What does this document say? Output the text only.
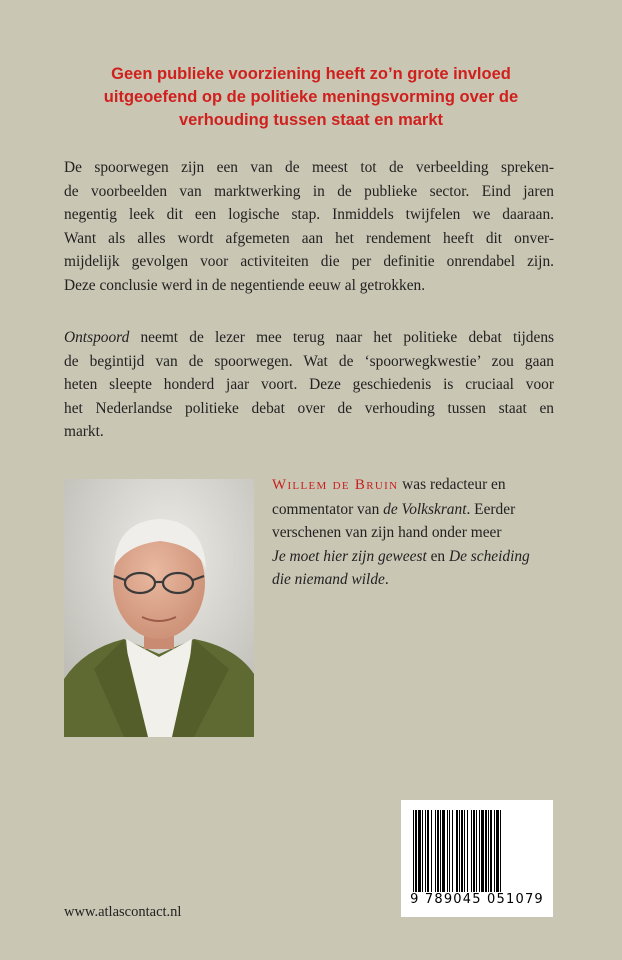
Geen publieke voorziening heeft zo’n grote invloed
uitgeoefend op de politieke meningsvorming over de
verhouding tussen staat en markt
De spoorwegen zijn een van de meest tot de verbeelding spreken-
de voorbeelden van marktwerking in de publieke sector. Eind jaren
negentig leek dit een logische stap. Inmiddels twijfelen we daaraan.
Want als alles wordt afgemeten aan het rendement heeft dit onver-
mijdelijk gevolgen voor activiteiten die per definitie onrendabel zijn.
Deze conclusie werd in de negentiende eeuw al getrokken.
Ontspoord neemt de lezer mee terug naar het politieke debat tijdens
de begintijd van de spoorwegen. Wat de ‘spoorwegkwestie’ zou gaan
heten sleepte honderd jaar voort. Deze geschiedenis is cruciaal voor
het Nederlandse politieke debat over de verhouding tussen staat en
markt.
Willem de Bruin was redacteur en
commentator van de Volkskrant. Eerder
verschenen van zijn hand onder meer
Je moet hier zijn geweest en De scheiding
die niemand wilde.
9 789045 051079
www.atlascontact.nl
